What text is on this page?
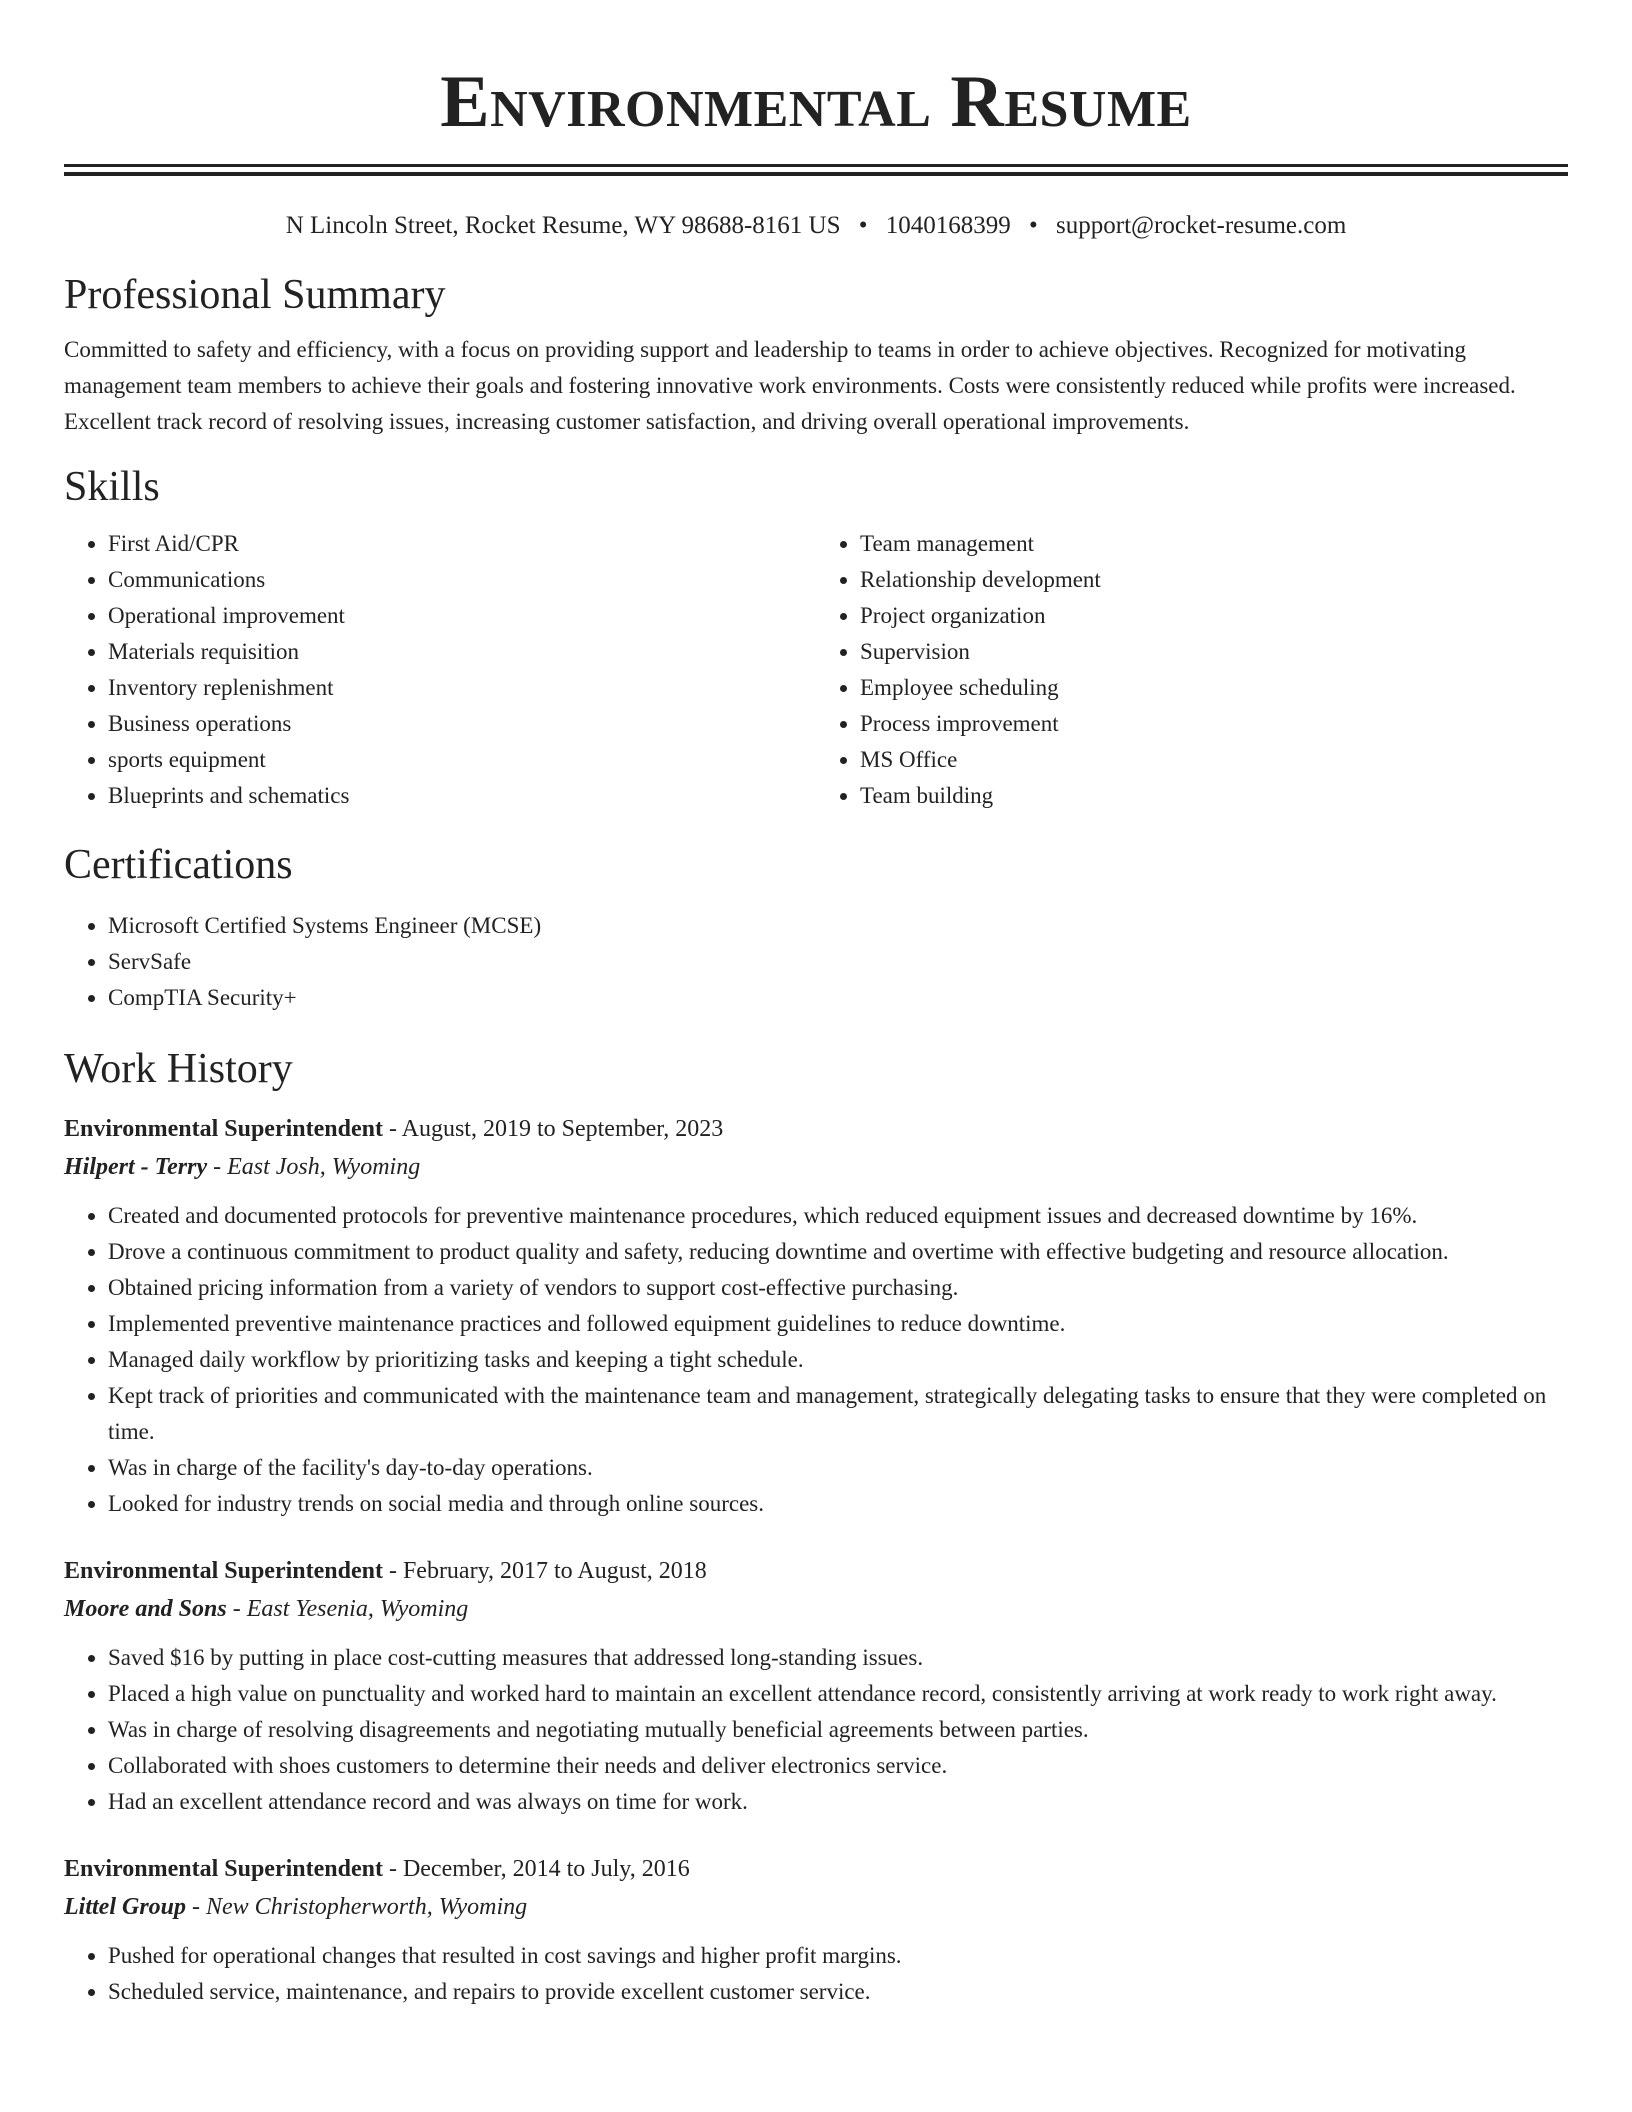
Environmental Resume
N Lincoln Street, Rocket Resume, WY 98688-8161 US • 1040168399 • support@rocket-resume.com
Professional Summary

Committed to safety and efficiency, with a focus on providing support and leadership to teams in order to achieve objectives. Recognized for motivating management team members to achieve their goals and fostering innovative work environments. Costs were consistently reduced while profits were increased. Excellent track record of resolving issues, increasing customer satisfaction, and driving overall operational improvements.

Skills
• First Aid/CPR
• Communications
• Operational improvement
• Materials requisition
• Inventory replenishment
• Business operations
• sports equipment
• Blueprints and schematics
• Team management
• Relationship development
• Project organization
• Supervision
• Employee scheduling
• Process improvement
• MS Office
• Team building
Certifications
• Microsoft Certified Systems Engineer (MCSE)
• ServSafe
• CompTIA Security+
Work History
Environmental Superintendent - August, 2019 to September, 2023
Hilpert - Terry - East Josh, Wyoming
• Created and documented protocols for preventive maintenance procedures, which reduced equipment issues and decreased downtime by 16%.
• Drove a continuous commitment to product quality and safety, reducing downtime and overtime with effective budgeting and resource allocation.
• Obtained pricing information from a variety of vendors to support cost-effective purchasing.
• Implemented preventive maintenance practices and followed equipment guidelines to reduce downtime.
• Managed daily workflow by prioritizing tasks and keeping a tight schedule.
• Kept track of priorities and communicated with the maintenance team and management, strategically delegating tasks to ensure that they were completed on time.
• Was in charge of the facility's day-to-day operations.
• Looked for industry trends on social media and through online sources.
Environmental Superintendent - February, 2017 to August, 2018
Moore and Sons - East Yesenia, Wyoming
• Saved $16 by putting in place cost-cutting measures that addressed long-standing issues.
• Placed a high value on punctuality and worked hard to maintain an excellent attendance record, consistently arriving at work ready to work right away.
• Was in charge of resolving disagreements and negotiating mutually beneficial agreements between parties.
• Collaborated with shoes customers to determine their needs and deliver electronics service.
• Had an excellent attendance record and was always on time for work.
Environmental Superintendent - December, 2014 to July, 2016
Littel Group - New Christopherworth, Wyoming
• Pushed for operational changes that resulted in cost savings and higher profit margins.
• Scheduled service, maintenance, and repairs to provide excellent customer service.
